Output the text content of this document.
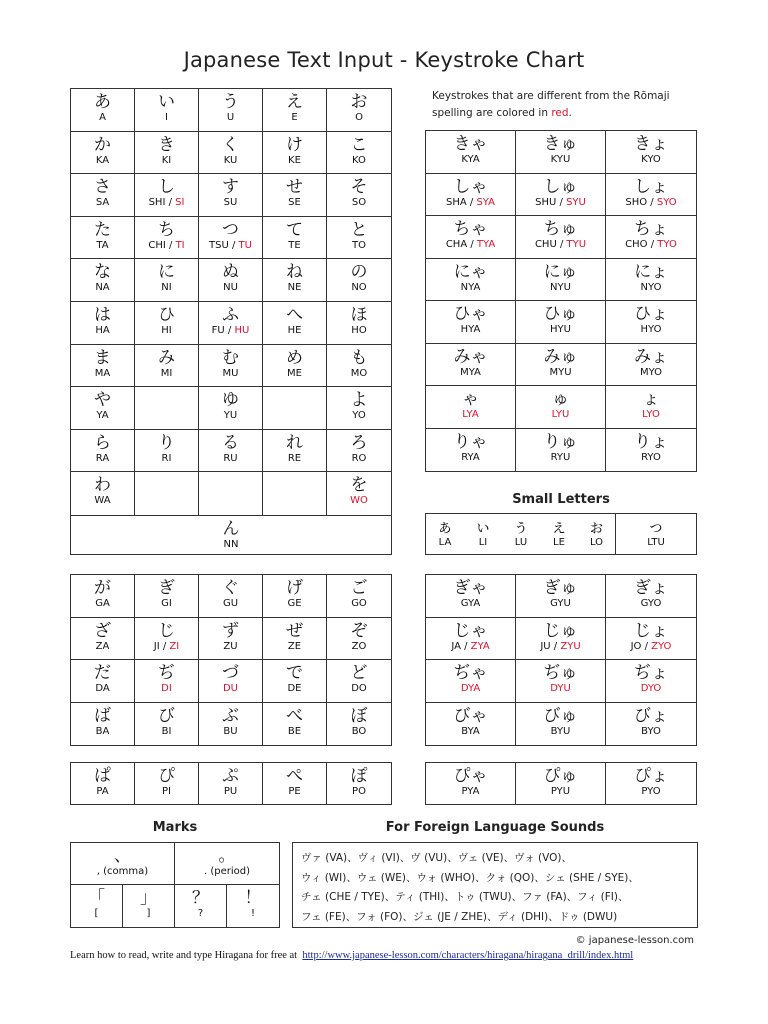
Japanese Text Input - Keystroke Chart
Keystrokes that are different from the Rōmaji
spelling are colored in red.
あ
A
い
I
う
U
え
E
お
O
か
KA
き
KI
く
KU
け
KE
こ
KO
さ
SA
し
SHI / SI
す
SU
せ
SE
そ
SO
た
TA
ち
CHI / TI
つ
TSU / TU
て
TE
と
TO
な
NA
に
NI
ぬ
NU
ね
NE
の
NO
は
HA
ひ
HI
ふ
FU / HU
へ
HE
ほ
HO
ま
MA
み
MI
む
MU
め
ME
も
MO
や
YA
ゆ
YU
よ
YO
ら
RA
り
RI
る
RU
れ
RE
ろ
RO
わ
WA
を
WO
ん
NN
きゃ
KYA
きゅ
KYU
きょ
KYO
しゃ
SHA / SYA
しゅ
SHU / SYU
しょ
SHO / SYO
ちゃ
CHA / TYA
ちゅ
CHU / TYU
ちょ
CHO / TYO
にゃ
NYA
にゅ
NYU
にょ
NYO
ひゃ
HYA
ひゅ
HYU
ひょ
HYO
みゃ
MYA
みゅ
MYU
みょ
MYO
ゃ
LYA
ゅ
LYU
ょ
LYO
りゃ
RYA
りゅ
RYU
りょ
RYO
Small Letters
ぁ
LA
ぃ
LI
ぅ
LU
ぇ
LE
ぉ
LO
っ
LTU
が
GA
ぎ
GI
ぐ
GU
げ
GE
ご
GO
ざ
ZA
じ
JI / ZI
ず
ZU
ぜ
ZE
ぞ
ZO
だ
DA
ぢ
DI
づ
DU
で
DE
ど
DO
ば
BA
び
BI
ぶ
BU
べ
BE
ぼ
BO
ぎゃ
GYA
ぎゅ
GYU
ぎょ
GYO
じゃ
JA / ZYA
じゅ
JU / ZYU
じょ
JO / ZYO
ぢゃ
DYA
ぢゅ
DYU
ぢょ
DYO
びゃ
BYA
びゅ
BYU
びょ
BYO
ぱ
PA
ぴ
PI
ぷ
PU
ぺ
PE
ぽ
PO
ぴゃ
PYA
ぴゅ
PYU
ぴょ
PYO
Marks
、
, (comma)
。
. (period)
「
[
」
]
？
?
！
!
For Foreign Language Sounds
ヴァ (VA)、ヴィ (VI)、ヴ (VU)、ヴェ (VE)、ヴォ (VO)、
ウィ (WI)、ウェ (WE)、ウォ (WHO)、クォ (QO)、シェ (SHE / SYE)、
チェ (CHE / TYE)、ティ (THI)、トゥ (TWU)、ファ (FA)、フィ (FI)、
フェ (FE)、フォ (FO)、ジェ (JE / ZHE)、ディ (DHI)、ドゥ (DWU)
© japanese-lesson.com
Learn how to read, write and type Hiragana for free at http://www.japanese-lesson.com/characters/hiragana/hiragana_drill/index.html
